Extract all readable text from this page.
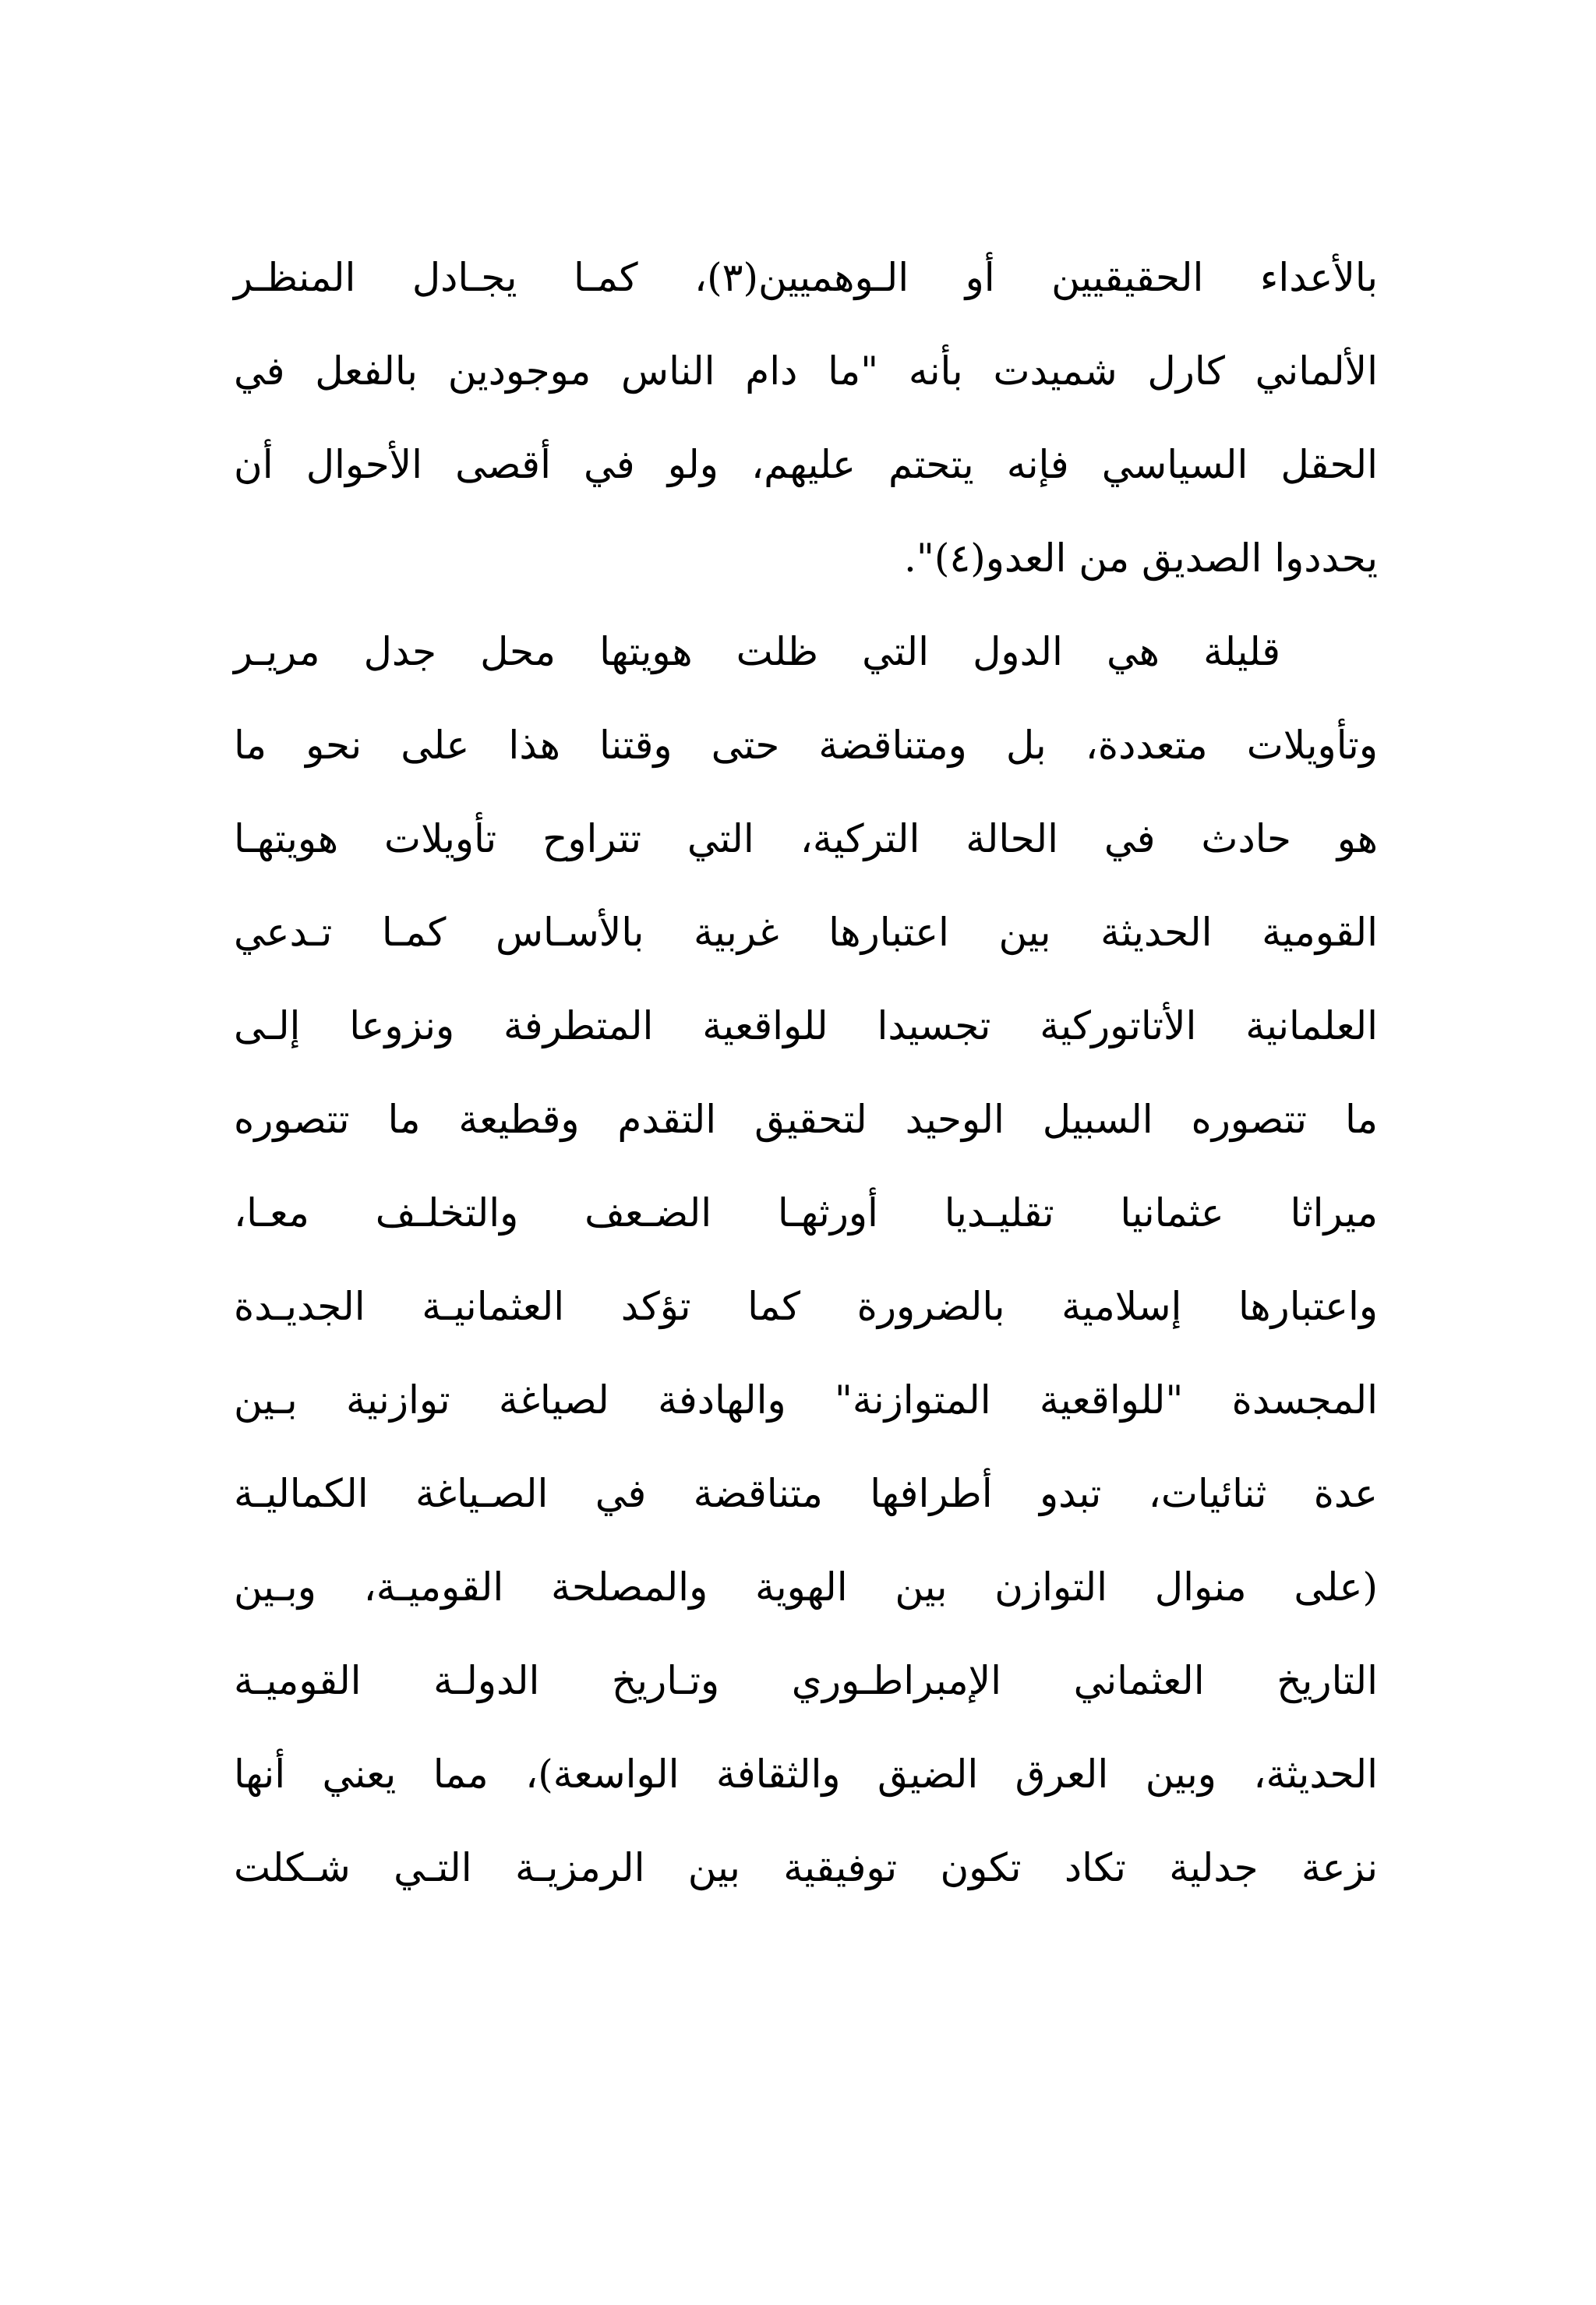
بالأعداء الحقيقيين أو الـوهميين(٣)، كمـا يجـادل المنظـر
الألماني كارل شميدت بأنه "ما دام الناس موجودين بالفعل في
الحقل السياسي فإنه يتحتم عليهم، ولو في أقصى الأحوال أن
يحددوا الصديق من العدو(٤)".
قليلة هي الدول التي ظلت هويتها محل جدل مريـر
وتأويلات متعددة، بل ومتناقضة حتى وقتنا هذا على نحو ما
هو حادث في الحالة التركية، التي تتراوح تأويلات هويتهـا
القومية الحديثة بين اعتبارها غربية بالأسـاس كمـا تـدعي
العلمانية الأتاتوركية تجسيدا للواقعية المتطرفة ونزوعا إلـى
ما تتصوره السبيل الوحيد لتحقيق التقدم وقطيعة ما تتصوره
ميراثا عثمانيا تقليـديا أورثهـا الضـعف والتخلـف معـا،
واعتبارها إسلامية بالضرورة كما تؤكد العثمانيـة الجديـدة
المجسدة "للواقعية المتوازنة" والهادفة لصياغة توازنية بـين
عدة ثنائيات، تبدو أطرافها متناقضة في الصـياغة الكماليـة
(على منوال التوازن بين الهوية والمصلحة القوميـة، وبـين
التاريخ العثماني الإمبراطـوري وتـاريخ الدولـة القوميـة
الحديثة، وبين العرق الضيق والثقافة الواسعة)، مما يعني أنها
نزعة جدلية تكاد تكون توفيقية بين الرمزيـة التـي شـكلت
